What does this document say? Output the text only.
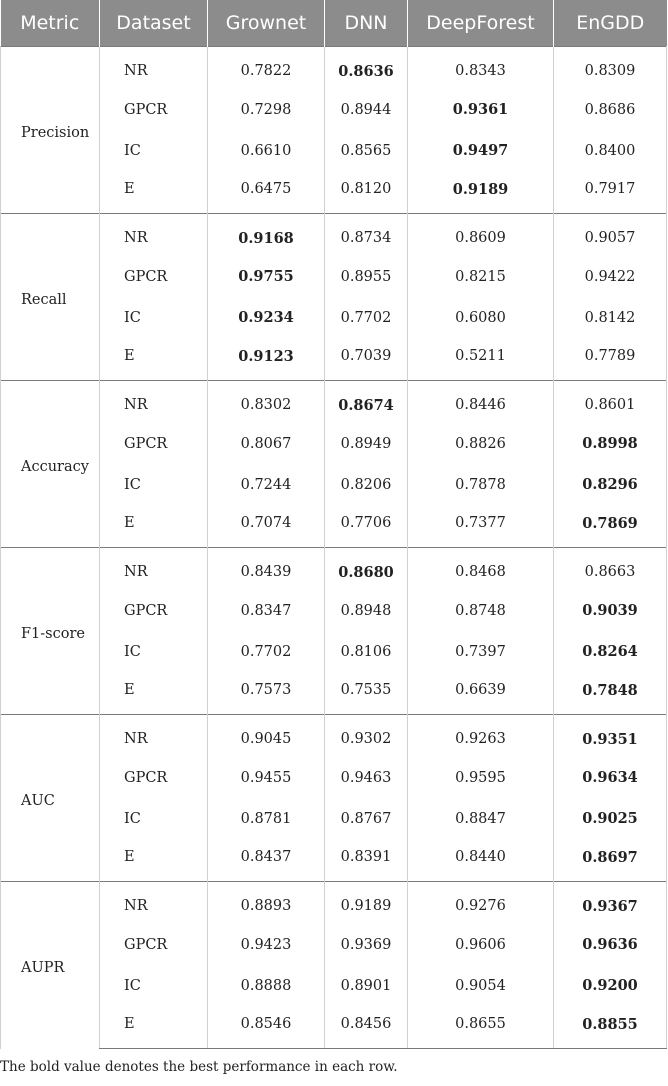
Metric	Dataset	Grownet	DNN	DeepForest	EnGDD
Precision	NR	0.7822	0.8636	0.8343	0.8309
	GPCR	0.7298	0.8944	0.9361	0.8686
	IC	0.6610	0.8565	0.9497	0.8400
	E	0.6475	0.8120	0.9189	0.7917
Recall	NR	0.9168	0.8734	0.8609	0.9057
	GPCR	0.9755	0.8955	0.8215	0.9422
	IC	0.9234	0.7702	0.6080	0.8142
	E	0.9123	0.7039	0.5211	0.7789
Accuracy	NR	0.8302	0.8674	0.8446	0.8601
	GPCR	0.8067	0.8949	0.8826	0.8998
	IC	0.7244	0.8206	0.7878	0.8296
	E	0.7074	0.7706	0.7377	0.7869
F1-score	NR	0.8439	0.8680	0.8468	0.8663
	GPCR	0.8347	0.8948	0.8748	0.9039
	IC	0.7702	0.8106	0.7397	0.8264
	E	0.7573	0.7535	0.6639	0.7848
AUC	NR	0.9045	0.9302	0.9263	0.9351
	GPCR	0.9455	0.9463	0.9595	0.9634
	IC	0.8781	0.8767	0.8847	0.9025
	E	0.8437	0.8391	0.8440	0.8697
AUPR	NR	0.8893	0.9189	0.9276	0.9367
	GPCR	0.9423	0.9369	0.9606	0.9636
	IC	0.8888	0.8901	0.9054	0.9200
	E	0.8546	0.8456	0.8655	0.8855
The bold value denotes the best performance in each row.
